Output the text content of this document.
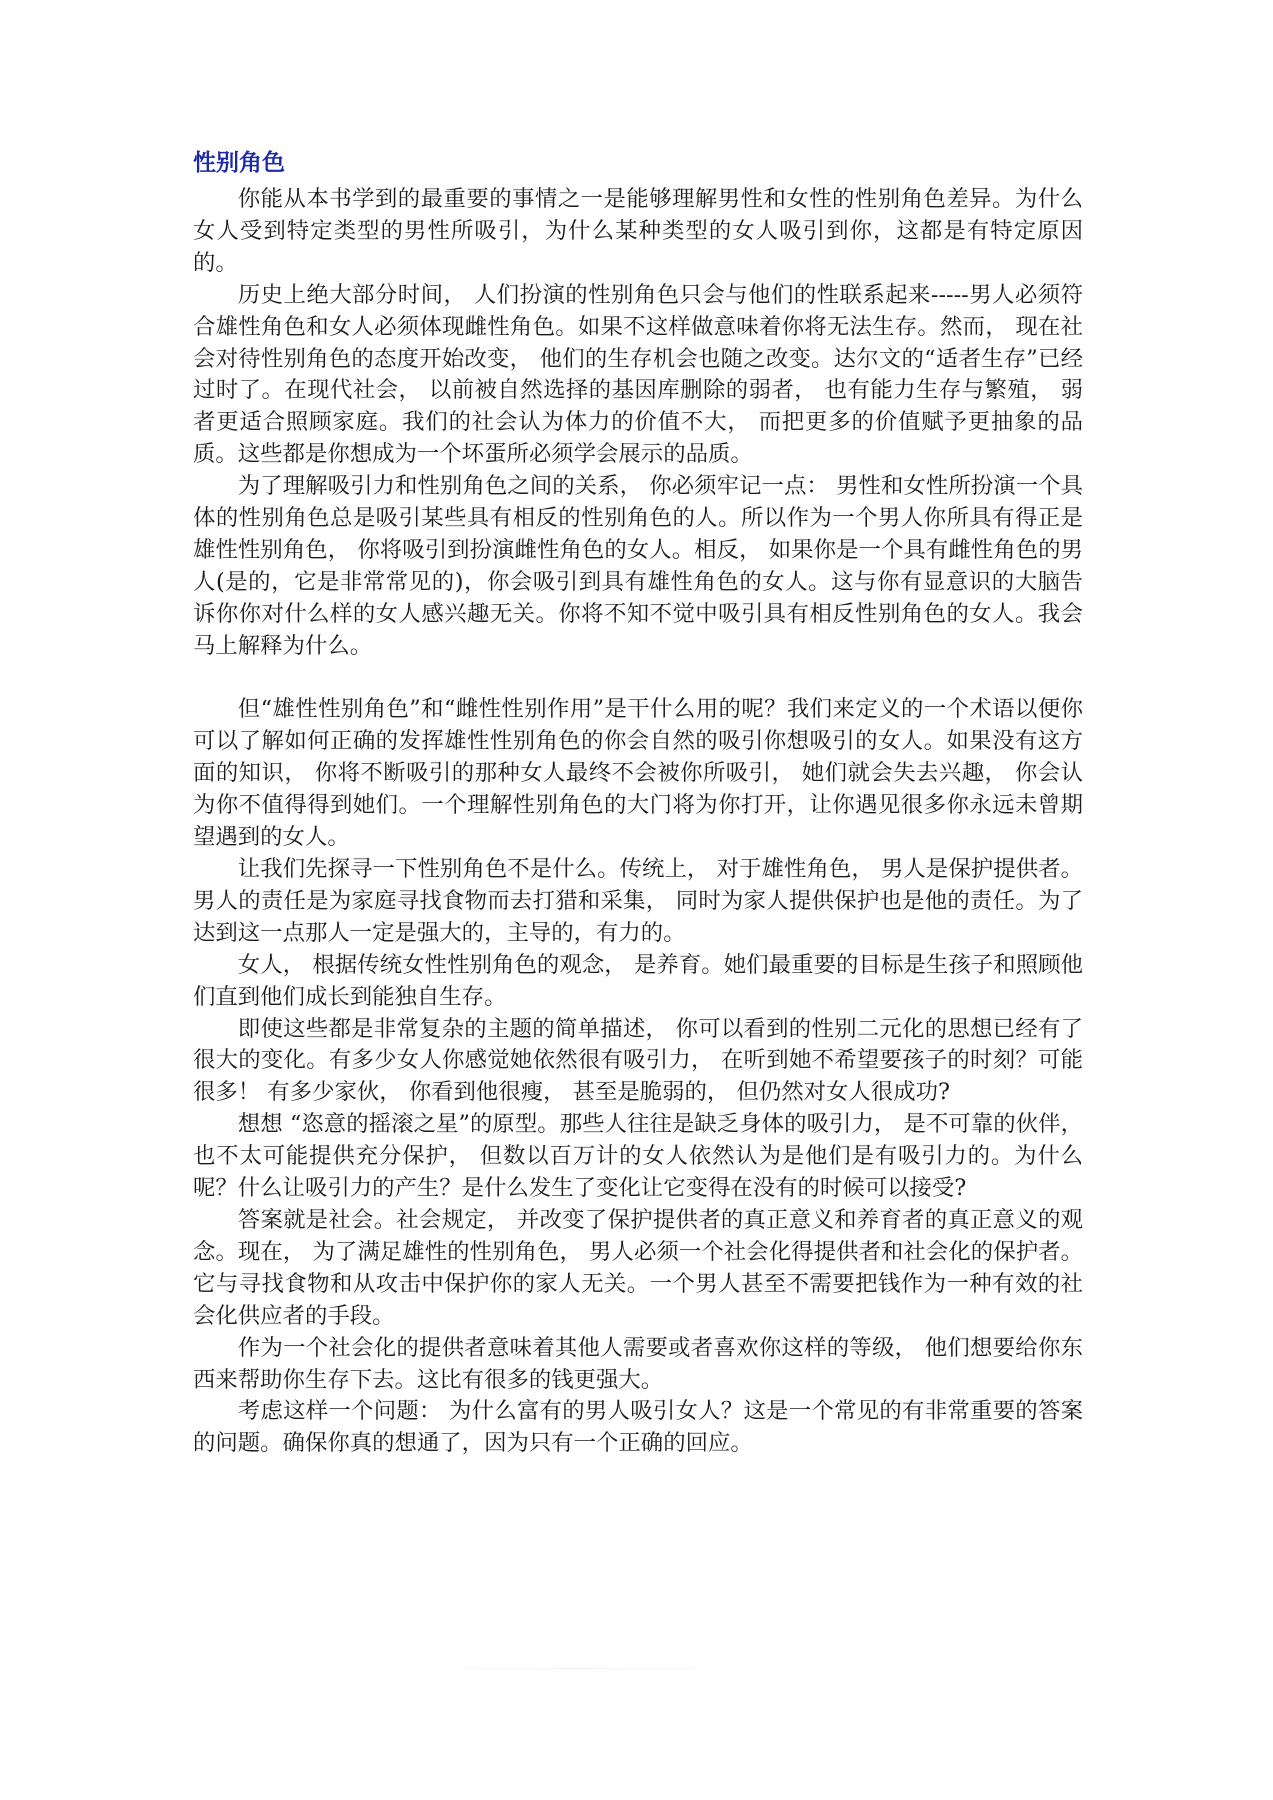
性别角色

你能从本书学到的最重要的事情之一是能够理解男性和女性的性别角色差异。为什么女人受到特定类型的男性所吸引，为什么某种类型的女人吸引到你，这都是有特定原因的。

历史上绝大部分时间， 人们扮演的性别角色只会与他们的性联系起来-----男人必须符合雄性角色和女人必须体现雌性角色。如果不这样做意味着你将无法生存。然而， 现在社会对待性别角色的态度开始改变， 他们的生存机会也随之改变。达尔文的“适者生存”已经过时了。在现代社会， 以前被自然选择的基因库删除的弱者， 也有能力生存与繁殖， 弱者更适合照顾家庭。我们的社会认为体力的价值不大， 而把更多的价值赋予更抽象的品质。这些都是你想成为一个坏蛋所必须学会展示的品质。

为了理解吸引力和性别角色之间的关系， 你必须牢记一点： 男性和女性所扮演一个具体的性别角色总是吸引某些具有相反的性别角色的人。所以作为一个男人你所具有得正是雄性性别角色， 你将吸引到扮演雌性角色的女人。相反， 如果你是一个具有雌性角色的男人(是的，它是非常常见的)，你会吸引到具有雄性角色的女人。这与你有显意识的大脑告诉你你对什么样的女人感兴趣无关。你将不知不觉中吸引具有相反性别角色的女人。我会马上解释为什么。

但“雄性性别角色”和“雌性性别作用”是干什么用的呢？我们来定义的一个术语以便你可以了解如何正确的发挥雄性性别角色的你会自然的吸引你想吸引的女人。如果没有这方面的知识， 你将不断吸引的那种女人最终不会被你所吸引， 她们就会失去兴趣， 你会认为你不值得得到她们。一个理解性别角色的大门将为你打开，让你遇见很多你永远未曾期望遇到的女人。

让我们先探寻一下性别角色不是什么。传统上， 对于雄性角色， 男人是保护提供者。男人的责任是为家庭寻找食物而去打猎和采集， 同时为家人提供保护也是他的责任。为了达到这一点那人一定是强大的，主导的，有力的。

女人， 根据传统女性性别角色的观念， 是养育。她们最重要的目标是生孩子和照顾他们直到他们成长到能独自生存。

即使这些都是非常复杂的主题的简单描述， 你可以看到的性别二元化的思想已经有了很大的变化。有多少女人你感觉她依然很有吸引力， 在听到她不希望要孩子的时刻？可能很多！ 有多少家伙， 你看到他很瘦， 甚至是脆弱的， 但仍然对女人很成功?

想想 “恣意的摇滚之星”的原型。那些人往往是缺乏身体的吸引力， 是不可靠的伙伴， 也不太可能提供充分保护， 但数以百万计的女人依然认为是他们是有吸引力的。为什么呢？什么让吸引力的产生？是什么发生了变化让它变得在没有的时候可以接受?

答案就是社会。社会规定， 并改变了保护提供者的真正意义和养育者的真正意义的观念。现在， 为了满足雄性的性别角色， 男人必须一个社会化得提供者和社会化的保护者。它与寻找食物和从攻击中保护你的家人无关。一个男人甚至不需要把钱作为一种有效的社会化供应者的手段。

作为一个社会化的提供者意味着其他人需要或者喜欢你这样的等级， 他们想要给你东西来帮助你生存下去。这比有很多的钱更强大。

考虑这样一个问题： 为什么富有的男人吸引女人？这是一个常见的有非常重要的答案的问题。确保你真的想通了，因为只有一个正确的回应。
